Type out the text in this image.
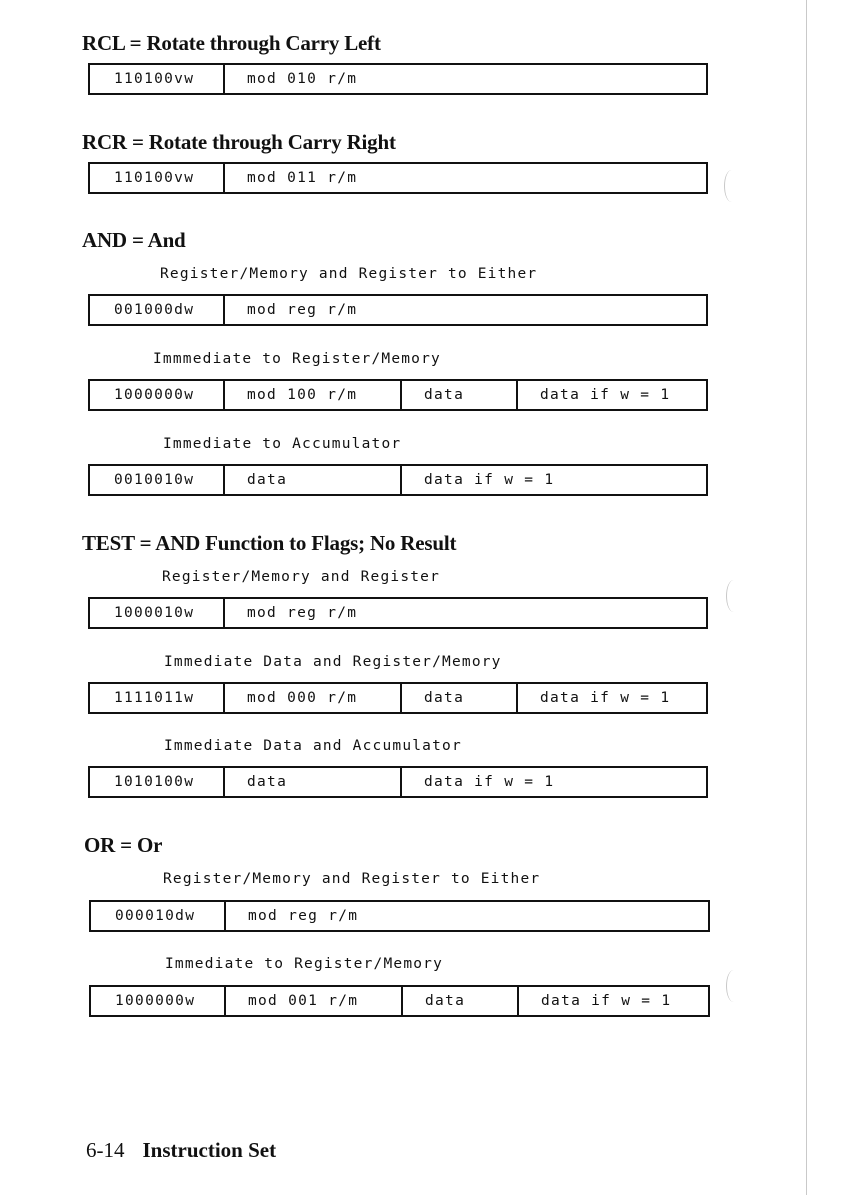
RCL = Rotate through Carry Left
110100vw	mod 010 r/m
RCR = Rotate through Carry Right
110100vw	mod 011 r/m
AND = And
Register/Memory and Register to Either
001000dw	mod reg r/m
Immmediate to Register/Memory
1000000w	mod 100 r/m	data	data if w = 1
Immediate to Accumulator
0010010w	data	data if w = 1
TEST = AND Function to Flags; No Result
Register/Memory and Register
1000010w	mod reg r/m
Immediate Data and Register/Memory
1111011w	mod 000 r/m	data	data if w = 1
Immediate Data and Accumulator
1010100w	data	data if w = 1
OR = Or
Register/Memory and Register to Either
000010dw	mod reg r/m
Immediate to Register/Memory
1000000w	mod 001 r/m	data	data if w = 1
6-14 Instruction Set
